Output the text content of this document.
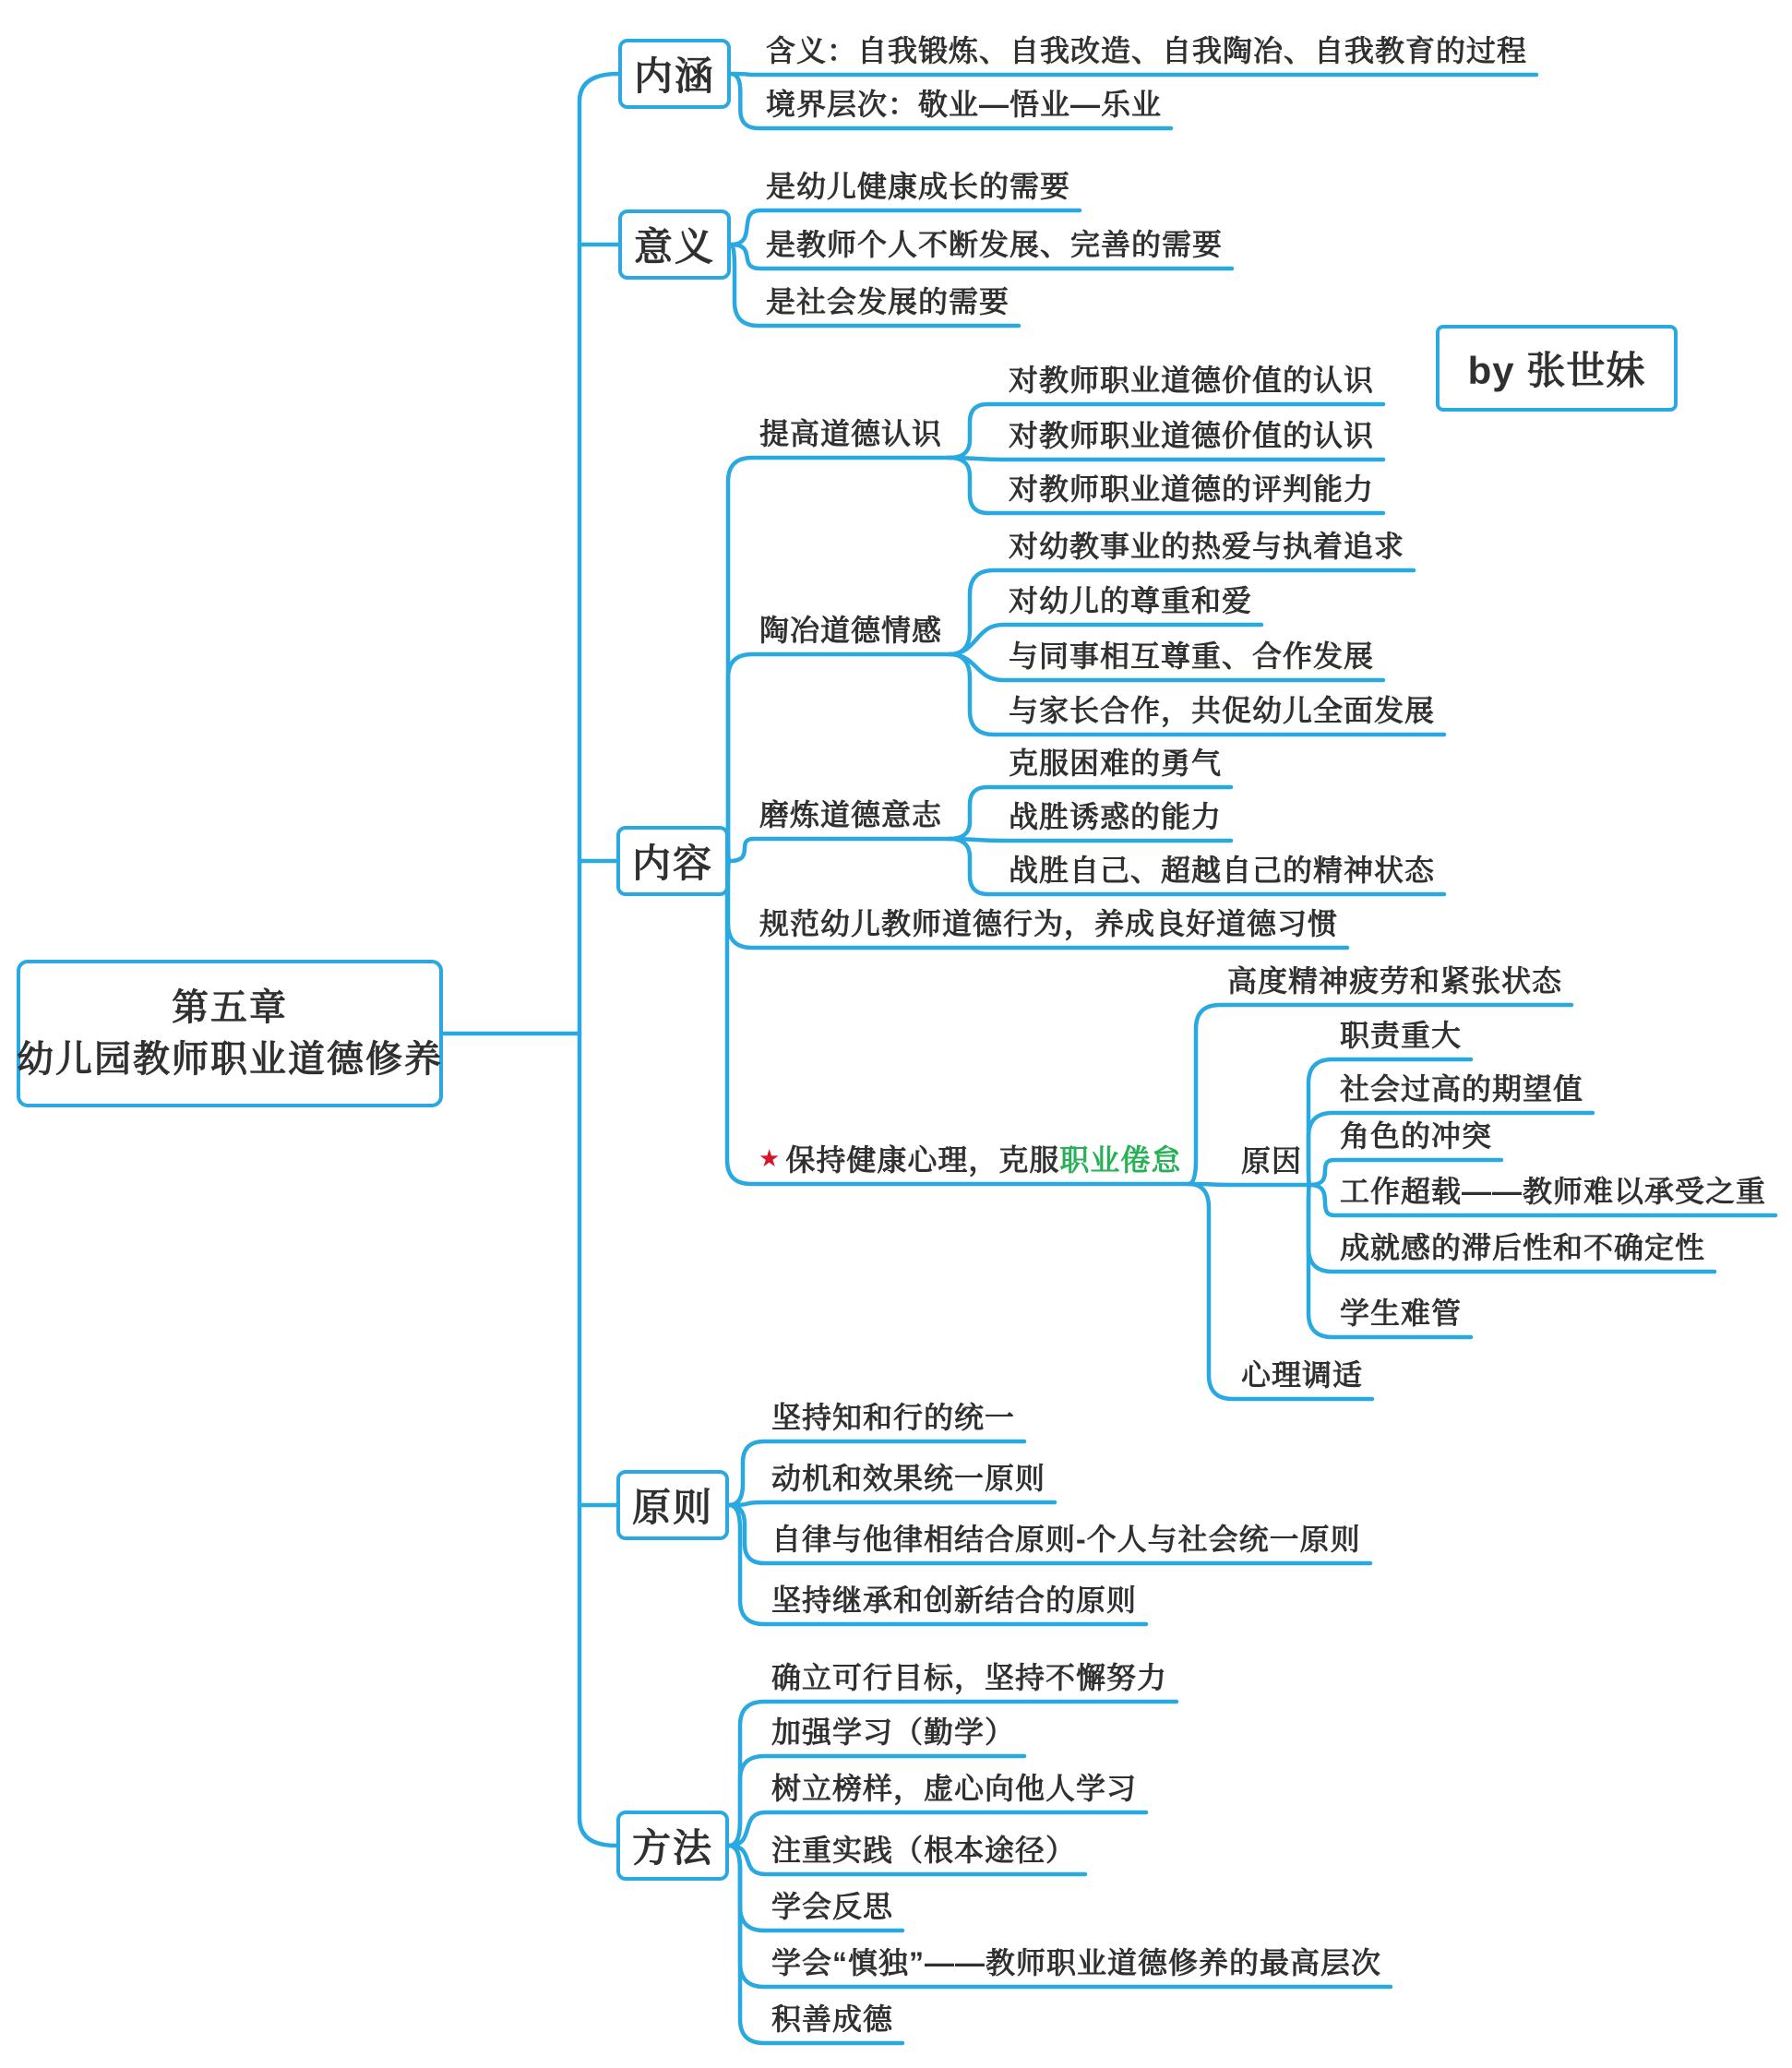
第五章
幼儿园教师职业道德修养
by 张世妹
内涵
含义：自我锻炼、自我改造、自我陶冶、自我教育的过程
境界层次：敬业—悟业—乐业
意义
是幼儿健康成长的需要
是教师个人不断发展、完善的需要
是社会发展的需要
内容
提高道德认识
对教师职业道德价值的认识
对教师职业道德价值的认识
对教师职业道德的评判能力
陶冶道德情感
对幼教事业的热爱与执着追求
对幼儿的尊重和爱
与同事相互尊重、合作发展
与家长合作，共促幼儿全面发展
磨炼道德意志
克服困难的勇气
战胜诱惑的能力
战胜自己、超越自己的精神状态
规范幼儿教师道德行为，养成良好道德习惯
★ 保持健康心理，克服职业倦怠
高度精神疲劳和紧张状态
原因
职责重大
社会过高的期望值
角色的冲突
工作超载——教师难以承受之重
成就感的滞后性和不确定性
学生难管
心理调适
原则
坚持知和行的统一
动机和效果统一原则
自律与他律相结合原则-个人与社会统一原则
坚持继承和创新结合的原则
方法
确立可行目标，坚持不懈努力
加强学习（勤学）
树立榜样，虚心向他人学习
注重实践（根本途径）
学会反思
学会“慎独”——教师职业道德修养的最高层次
积善成德
